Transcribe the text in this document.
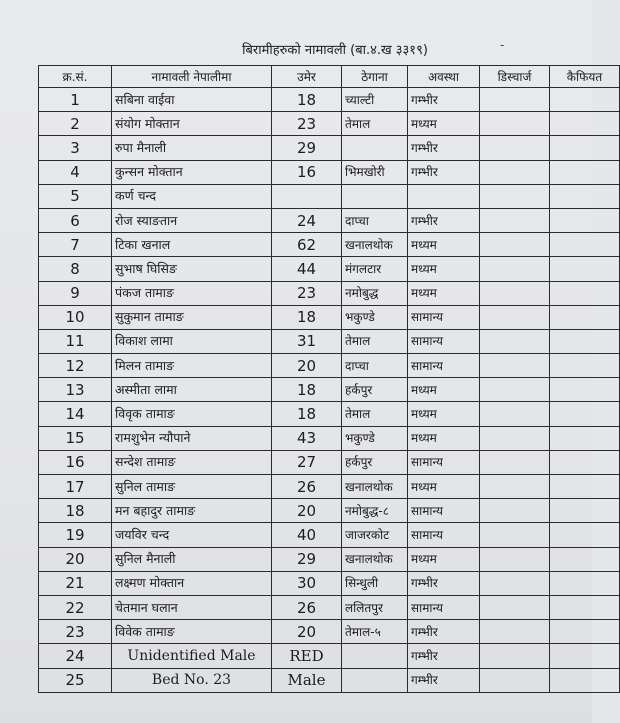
बिरामीहरुको नामावली (बा.४.ख ३३१९)	-
क्र.सं.	नामावली नेपालीमा	उमेर	ठेगाना	अवस्था	डिस्चार्ज	कैफियत
1	सबिना वाईवा	18	च्याल्टी	गम्भीर		
2	संयोग मोक्तान	23	तेमाल	मध्यम		
3	रुपा मैनाली	29		गम्भीर		
4	कुन्सन मोक्तान	16	भिमखोरी	गम्भीर		
5	कर्ण चन्द					
6	रोज स्याङतान	24	दाप्चा	गम्भीर		
7	टिका खनाल	62	खनालथोक	मध्यम		
8	सुभाष घिसिङ	44	मंगलटार	मध्यम		
9	पंकज तामाङ	23	नमोबुद्ध	मध्यम		
10	सुकुमान तामाङ	18	भकुण्डे	सामान्य		
11	विकाश लामा	31	तेमाल	सामान्य		
12	मिलन तामाङ	20	दाप्चा	सामान्य		
13	अस्मीता लामा	18	हर्कपुर	मध्यम		
14	विवृक तामाङ	18	तेमाल	मध्यम		
15	रामशुभेन न्यौपाने	43	भकुण्डे	मध्यम		
16	सन्देश तामाङ	27	हर्कपुर	सामान्य		
17	सुनिल तामाङ	26	खनालथोक	मध्यम		
18	मन बहादुर तामाङ	20	नमोबुद्ध-८	सामान्य		
19	जयविर चन्द	40	जाजरकोट	सामान्य		
20	सुनिल मैनाली	29	खनालथोक	मध्यम		
21	लक्ष्मण मोक्तान	30	सिन्धुली	गम्भीर		
22	चेतमान घलान	26	ललितपुर	सामान्य		
23	विवेक तामाङ	20	तेमाल-५	गम्भीर		
24	Unidentified Male	RED		गम्भीर		
25	Bed No. 23	Male		गम्भीर		
